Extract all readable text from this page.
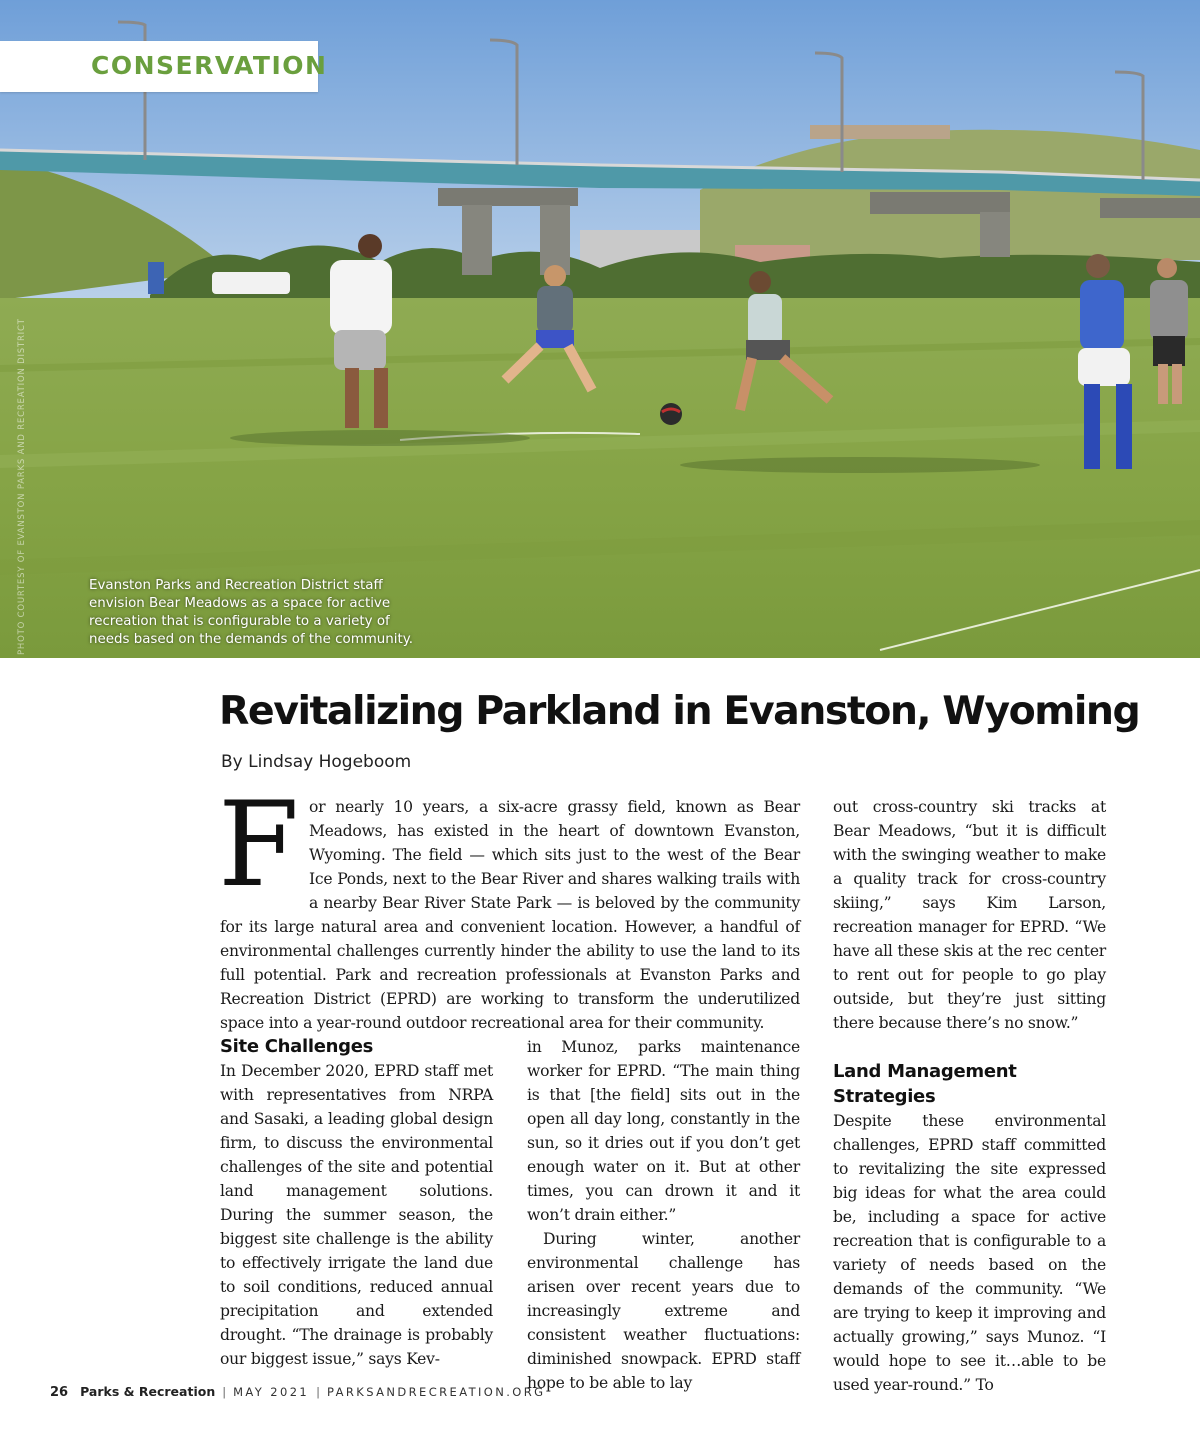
CONSERVATION
PHOTO COURTESY OF EVANSTON PARKS AND RECREATION DISTRICT	Evanston Parks and Recreation District staff envision Bear Meadows as a space for active recreation that is configurable to a variety of needs based on the demands of the community.
Revitalizing Parkland in Evanston, Wyoming
By Lindsay Hogeboom

For nearly 10 years, a six-acre grassy field, known as Bear Meadows, has existed in the heart of downtown Evanston, Wyoming. The field — which sits just to the west of the Bear Ice Ponds, next to the Bear River and shares walking trails with a nearby Bear River State Park — is beloved by the community for its large natural area and convenient location. However, a handful of environmental challenges currently hinder the ability to use the land to its full potential. Park and recreation professionals at Evanston Parks and Recreation District (EPRD) are working to transform the underutilized space into a year-round outdoor recreational area for their community.

Site Challenges

In December 2020, EPRD staff met with representatives from NRPA and Sasaki, a leading global design firm, to discuss the environmental challenges of the site and potential land management solutions. During the summer season, the biggest site challenge is the ability to effectively irrigate the land due to soil conditions, reduced annual precipitation and extended drought. “The drainage is probably our biggest issue,” says Kev-

in Munoz, parks maintenance worker for EPRD. “The main thing is that [the field] sits out in the open all day long, constantly in the sun, so it dries out if you don’t get enough water on it. But at other times, you can drown it and it won’t drain either.”

During winter, another environmental challenge has arisen over recent years due to increasingly extreme and consistent weather fluctuations: diminished snowpack. EPRD staff hope to be able to lay

out cross-country ski tracks at Bear Meadows, “but it is difficult with the swinging weather to make a quality track for cross-country skiing,” says Kim Larson, recreation manager for EPRD. “We have all these skis at the rec center to rent out for people to go play outside, but they’re just sitting there because there’s no snow.”

Land Management Strategies

Despite these environmental challenges, EPRD staff committed to revitalizing the site expressed big ideas for what the area could be, including a space for active recreation that is configurable to a variety of needs based on the demands of the community. “We are trying to keep it improving and actually growing,” says Munoz. “I would hope to see it…able to be used year-round.” To

26 Parks & Recreation | MAY 2021 | PARKSANDRECREATION.ORG
